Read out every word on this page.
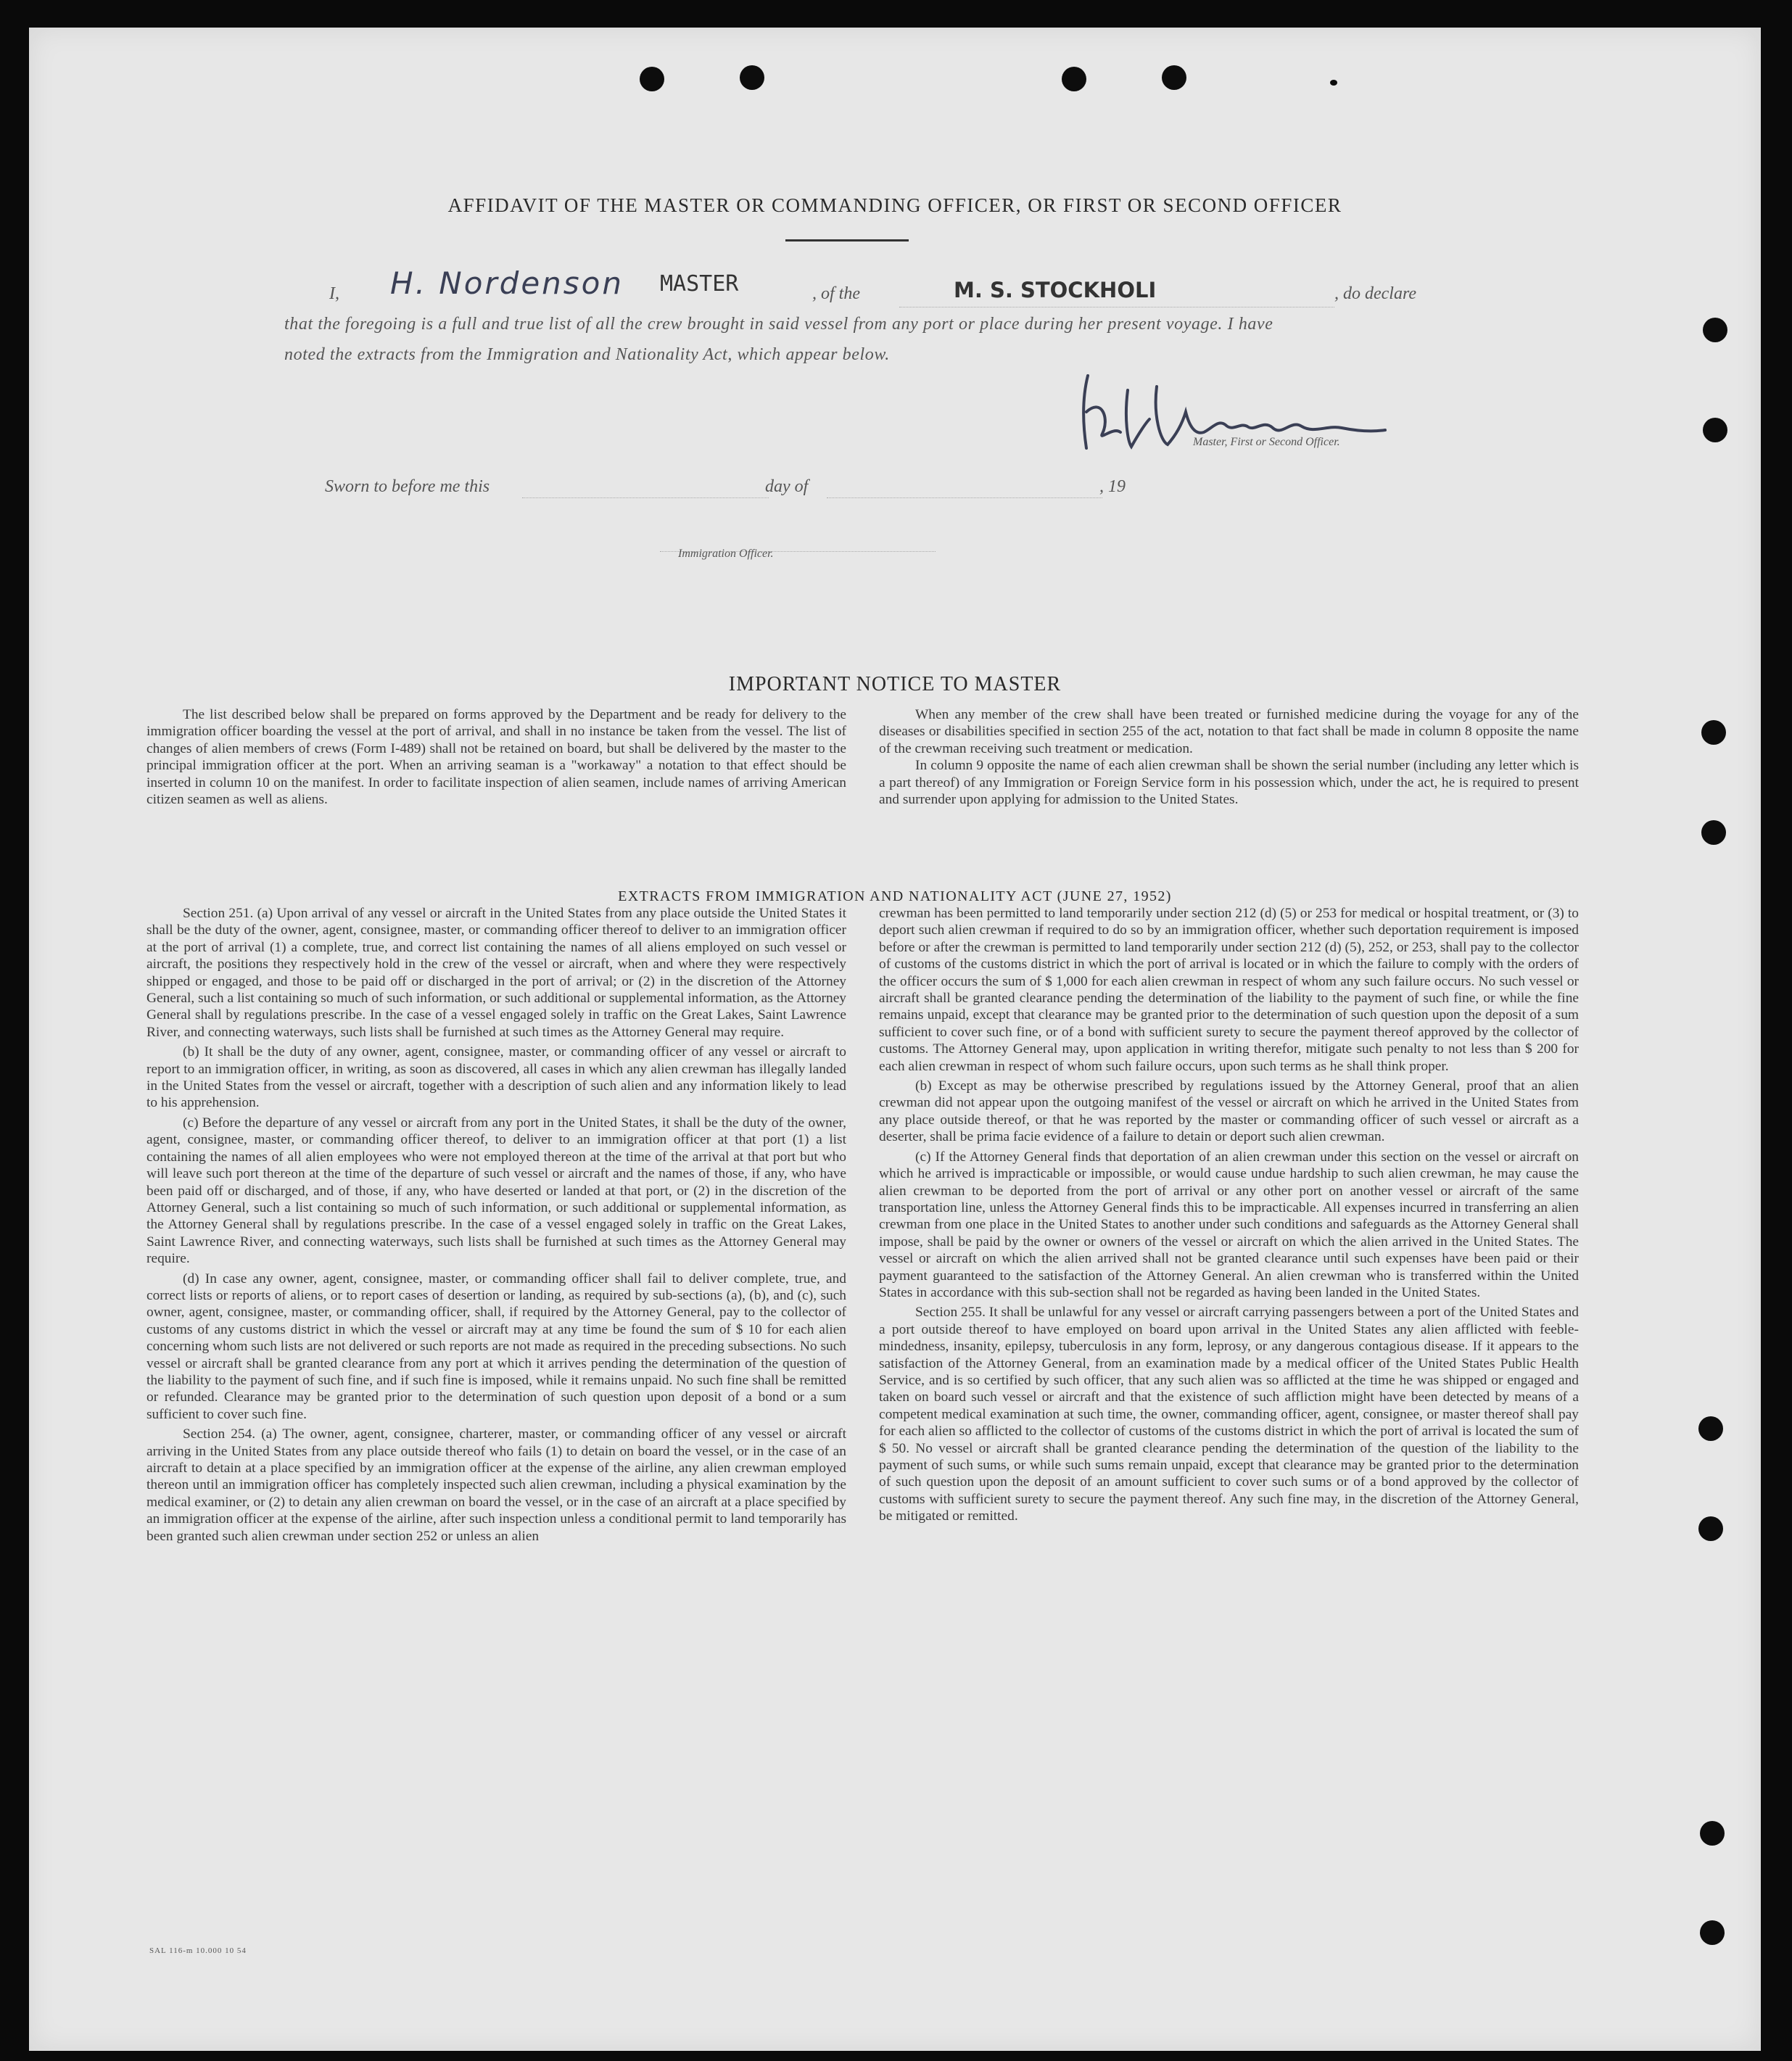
AFFIDAVIT OF THE MASTER OR COMMANDING OFFICER, OR FIRST OR SECOND OFFICER
I, H. Nordenson MASTER	, of the	M. S. STOCKHOLI	, do declare
that the foregoing is a full and true list of all the crew brought in said vessel from any port or place during her present voyage. I have
noted the extracts from the Immigration and Nationality Act, which appear below.
Master, First or Second Officer.
Sworn to before me this	day of	, 19
Immigration Officer.
IMPORTANT NOTICE TO MASTER

The list described below shall be prepared on forms approved by the Department and be ready for delivery to the immigration officer boarding the vessel at the port of arrival, and shall in no instance be taken from the vessel. The list of changes of alien members of crews (Form I-489) shall not be retained on board, but shall be delivered by the master to the principal immigration officer at the port. When an arriving seaman is a "workaway" a notation to that effect should be inserted in column 10 on the manifest. In order to facilitate inspection of alien seamen, include names of arriving American citizen seamen as well as aliens.

When any member of the crew shall have been treated or furnished medicine during the voyage for any of the diseases or disabilities specified in section 255 of the act, notation to that fact shall be made in column 8 opposite the name of the crewman receiving such treatment or medication.

In column 9 opposite the name of each alien crewman shall be shown the serial number (including any letter which is a part thereof) of any Immigration or Foreign Service form in his possession which, under the act, he is required to present and surrender upon applying for admission to the United States.

EXTRACTS FROM IMMIGRATION AND NATIONALITY ACT (JUNE 27, 1952)

Section 251. (a) Upon arrival of any vessel or aircraft in the United States from any place outside the United States it shall be the duty of the owner, agent, consignee, master, or commanding officer thereof to deliver to an immigration officer at the port of arrival (1) a complete, true, and correct list containing the names of all aliens employed on such vessel or aircraft, the positions they respectively hold in the crew of the vessel or aircraft, when and where they were respectively shipped or engaged, and those to be paid off or discharged in the port of arrival; or (2) in the discretion of the Attorney General, such a list containing so much of such information, or such additional or supplemental information, as the Attorney General shall by regulations prescribe. In the case of a vessel engaged solely in traffic on the Great Lakes, Saint Lawrence River, and connecting waterways, such lists shall be furnished at such times as the Attorney General may require.

(b) It shall be the duty of any owner, agent, consignee, master, or commanding officer of any vessel or aircraft to report to an immigration officer, in writing, as soon as discovered, all cases in which any alien crewman has illegally landed in the United States from the vessel or aircraft, together with a description of such alien and any information likely to lead to his apprehension.

(c) Before the departure of any vessel or aircraft from any port in the United States, it shall be the duty of the owner, agent, consignee, master, or commanding officer thereof, to deliver to an immigration officer at that port (1) a list containing the names of all alien employees who were not employed thereon at the time of the arrival at that port but who will leave such port thereon at the time of the departure of such vessel or aircraft and the names of those, if any, who have been paid off or discharged, and of those, if any, who have deserted or landed at that port, or (2) in the discretion of the Attorney General, such a list containing so much of such information, or such additional or supplemental information, as the Attorney General shall by regulations prescribe. In the case of a vessel engaged solely in traffic on the Great Lakes, Saint Lawrence River, and connecting waterways, such lists shall be furnished at such times as the Attorney General may require.

(d) In case any owner, agent, consignee, master, or commanding officer shall fail to deliver complete, true, and correct lists or reports of aliens, or to report cases of desertion or landing, as required by sub-sections (a), (b), and (c), such owner, agent, consignee, master, or commanding officer, shall, if required by the Attorney General, pay to the collector of customs of any customs district in which the vessel or aircraft may at any time be found the sum of $ 10 for each alien concerning whom such lists are not delivered or such reports are not made as required in the preceding subsections. No such vessel or aircraft shall be granted clearance from any port at which it arrives pending the determination of the question of the liability to the payment of such fine, and if such fine is imposed, while it remains unpaid. No such fine shall be remitted or refunded. Clearance may be granted prior to the determination of such question upon deposit of a bond or a sum sufficient to cover such fine.

Section 254. (a) The owner, agent, consignee, charterer, master, or commanding officer of any vessel or aircraft arriving in the United States from any place outside thereof who fails (1) to detain on board the vessel, or in the case of an aircraft to detain at a place specified by an immigration officer at the expense of the airline, any alien crewman employed thereon until an immigration officer has completely inspected such alien crewman, including a physical examination by the medical examiner, or (2) to detain any alien crewman on board the vessel, or in the case of an aircraft at a place specified by an immigration officer at the expense of the airline, after such inspection unless a conditional permit to land temporarily has been granted such alien crewman under section 252 or unless an alien

crewman has been permitted to land temporarily under section 212 (d) (5) or 253 for medical or hospital treatment, or (3) to deport such alien crewman if required to do so by an immigration officer, whether such deportation requirement is imposed before or after the crewman is permitted to land temporarily under section 212 (d) (5), 252, or 253, shall pay to the collector of customs of the customs district in which the port of arrival is located or in which the failure to comply with the orders of the officer occurs the sum of $ 1,000 for each alien crewman in respect of whom any such failure occurs. No such vessel or aircraft shall be granted clearance pending the determination of the liability to the payment of such fine, or while the fine remains unpaid, except that clearance may be granted prior to the determination of such question upon the deposit of a sum sufficient to cover such fine, or of a bond with sufficient surety to secure the payment thereof approved by the collector of customs. The Attorney General may, upon application in writing therefor, mitigate such penalty to not less than $ 200 for each alien crewman in respect of whom such failure occurs, upon such terms as he shall think proper.

(b) Except as may be otherwise prescribed by regulations issued by the Attorney General, proof that an alien crewman did not appear upon the outgoing manifest of the vessel or aircraft on which he arrived in the United States from any place outside thereof, or that he was reported by the master or commanding officer of such vessel or aircraft as a deserter, shall be prima facie evidence of a failure to detain or deport such alien crewman.

(c) If the Attorney General finds that deportation of an alien crewman under this section on the vessel or aircraft on which he arrived is impracticable or impossible, or would cause undue hardship to such alien crewman, he may cause the alien crewman to be deported from the port of arrival or any other port on another vessel or aircraft of the same transportation line, unless the Attorney General finds this to be impracticable. All expenses incurred in transferring an alien crewman from one place in the United States to another under such conditions and safeguards as the Attorney General shall impose, shall be paid by the owner or owners of the vessel or aircraft on which the alien arrived in the United States. The vessel or aircraft on which the alien arrived shall not be granted clearance until such expenses have been paid or their payment guaranteed to the satisfaction of the Attorney General. An alien crewman who is transferred within the United States in accordance with this sub-section shall not be regarded as having been landed in the United States.

Section 255. It shall be unlawful for any vessel or aircraft carrying passengers between a port of the United States and a port outside thereof to have employed on board upon arrival in the United States any alien afflicted with feeble-mindedness, insanity, epilepsy, tuberculosis in any form, leprosy, or any dangerous contagious disease. If it appears to the satisfaction of the Attorney General, from an examination made by a medical officer of the United States Public Health Service, and is so certified by such officer, that any such alien was so afflicted at the time he was shipped or engaged and taken on board such vessel or aircraft and that the existence of such affliction might have been detected by means of a competent medical examination at such time, the owner, commanding officer, agent, consignee, or master thereof shall pay for each alien so afflicted to the collector of customs of the customs district in which the port of arrival is located the sum of $ 50. No vessel or aircraft shall be granted clearance pending the determination of the question of the liability to the payment of such sums, or while such sums remain unpaid, except that clearance may be granted prior to the determination of such question upon the deposit of an amount sufficient to cover such sums or of a bond approved by the collector of customs with sufficient surety to secure the payment thereof. Any such fine may, in the discretion of the Attorney General, be mitigated or remitted.

SAL 116-m 10.000 10 54
